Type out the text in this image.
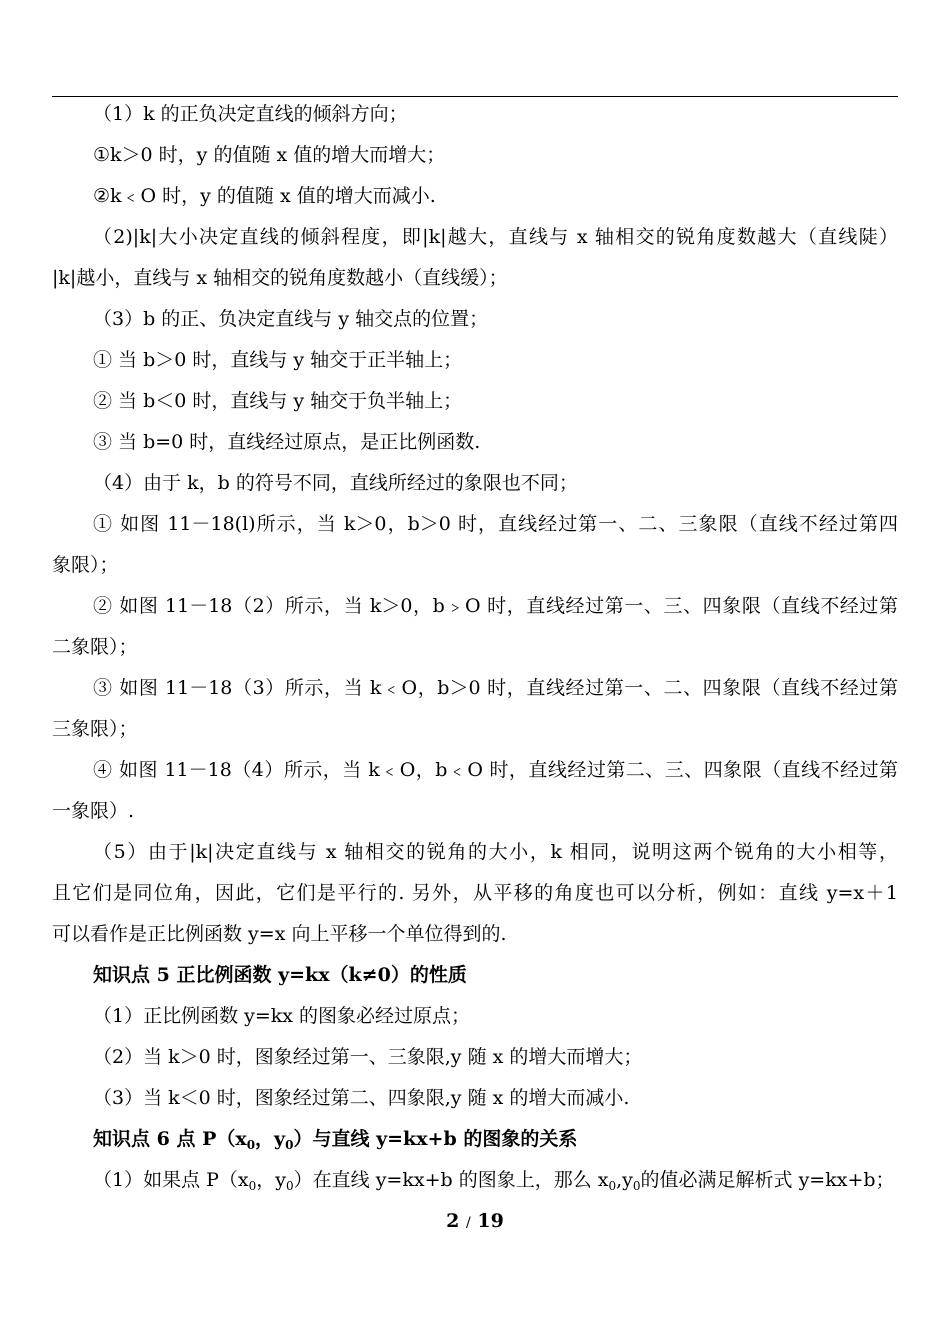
（1）k 的正负决定直线的倾斜方向；
①k＞0 时，y 的值随 x 值的增大而增大；
②k﹤O 时，y 的值随 x 值的增大而减小.
（2)|k|大小决定直线的倾斜程度，即|k|越大，直线与 x 轴相交的锐角度数越大（直线陡）
|k|越小，直线与 x 轴相交的锐角度数越小（直线缓）；
（3）b 的正、负决定直线与 y 轴交点的位置；
① 当 b＞0 时，直线与 y 轴交于正半轴上；
② 当 b＜0 时，直线与 y 轴交于负半轴上；
③ 当 b=0 时，直线经过原点，是正比例函数.
（4）由于 k，b 的符号不同，直线所经过的象限也不同；
① 如图 11－18(l)所示，当 k＞0，b＞0 时，直线经过第一、二、三象限（直线不经过第四
象限）；
② 如图 11－18（2）所示，当 k＞0，b﹥O 时，直线经过第一、三、四象限（直线不经过第
二象限）；
③ 如图 11－18（3）所示，当 k﹤O，b＞0 时，直线经过第一、二、四象限（直线不经过第
三象限）；
④ 如图 11－18（4）所示，当 k﹤O，b﹤O 时，直线经过第二、三、四象限（直线不经过第
一象限）.
（5）由于|k|决定直线与 x 轴相交的锐角的大小，k 相同，说明这两个锐角的大小相等，
且它们是同位角，因此，它们是平行的. 另外，从平移的角度也可以分析，例如：直线 y=x＋1
可以看作是正比例函数 y=x 向上平移一个单位得到的.
知识点 5 正比例函数 y=kx（k≠0）的性质
（1）正比例函数 y=kx 的图象必经过原点；
（2）当 k＞0 时，图象经过第一、三象限,y 随 x 的增大而增大；
（3）当 k＜0 时，图象经过第二、四象限,y 随 x 的增大而减小.
知识点 6 点 $P(x_0$，$y_0$）与直线 y=kx+b 的图象的关系
（1）如果点 $P(x_0$，$y_0$）在直线 y=kx+b 的图象上，那么 $x_0,y_0$的值必满足解析式 y=kx+b；
2 / 19
